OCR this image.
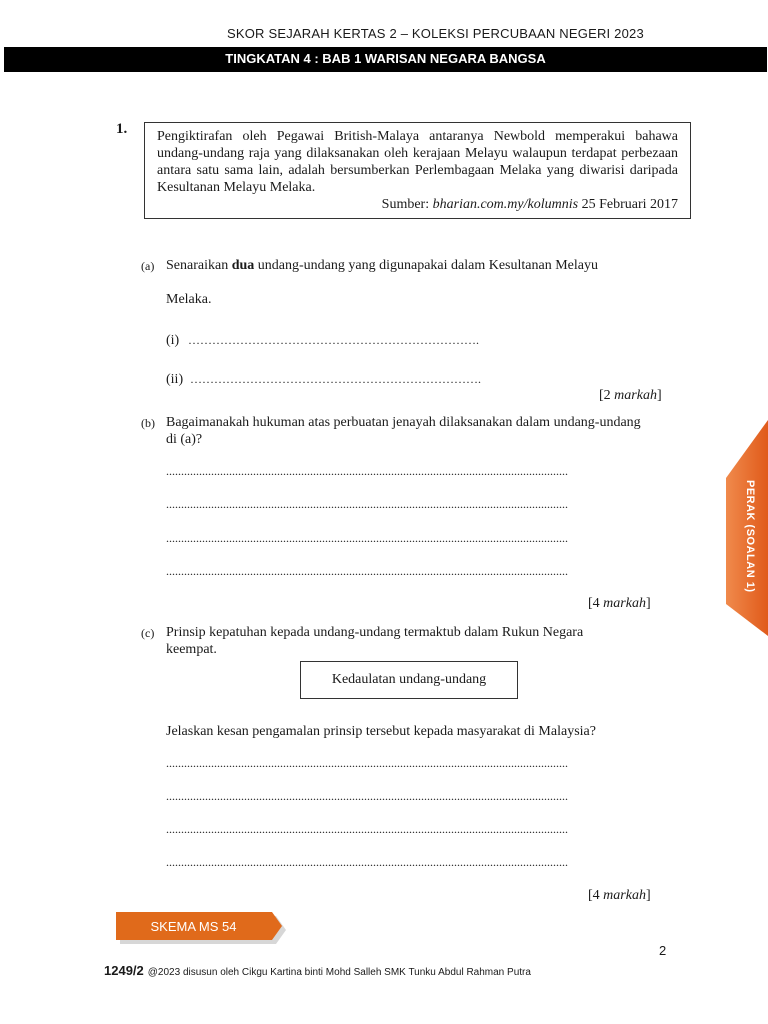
SKOR SEJARAH KERTAS 2 – KOLEKSI PERCUBAAN NEGERI 2023
TINGKATAN 4 : BAB 1 WARISAN NEGARA BANGSA
1. Pengiktirafan oleh Pegawai British-Malaya antaranya Newbold memperakui bahawa undang-undang raja yang dilaksanakan oleh kerajaan Melayu walaupun terdapat perbezaan antara satu sama lain, adalah bersumberkan Perlembagaan Melaka yang diwarisi daripada Kesultanan Melayu Melaka.
Sumber: bharian.com.my/kolumnis 25 Februari 2017
(a) Senaraikan dua undang-undang yang digunapakai dalam Kesultanan Melayu
Melaka.
(i) ……………………………………………………………….
(ii) ……………………………………………………………….
[2 markah]
(b) Bagaimanakah hukuman atas perbuatan jenayah dilaksanakan dalam undang-undang di (a)?
......................................................................................................................................
......................................................................................................................................
......................................................................................................................................
......................................................................................................................................
[4 markah]
(c) Prinsip kepatuhan kepada undang-undang termaktub dalam Rukun Negara keempat.
Kedaulatan undang-undang
Jelaskan kesan pengamalan prinsip tersebut kepada masyarakat di Malaysia?
......................................................................................................................................
......................................................................................................................................
......................................................................................................................................
......................................................................................................................................
[4 markah]
PERAK (SOALAN 1)
SKEMA MS 54
2
1249/2 @2023 disusun oleh Cikgu Kartina binti Mohd Salleh SMK Tunku Abdul Rahman Putra
